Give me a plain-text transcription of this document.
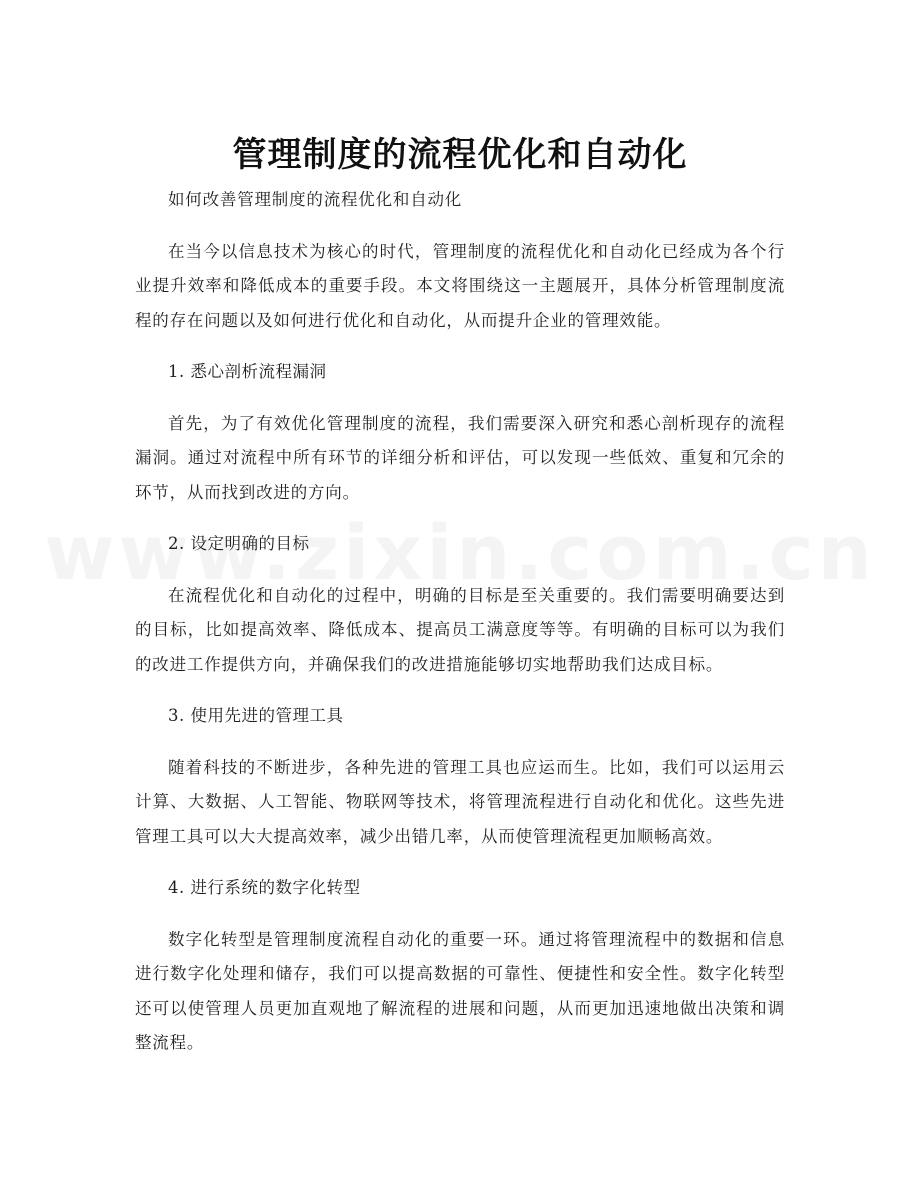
管理制度的流程优化和自动化

如何改善管理制度的流程优化和自动化

在当今以信息技术为核心的时代，管理制度的流程优化和自动化已经成为各个行业提升效率和降低成本的重要手段。本文将围绕这一主题展开，具体分析管理制度流程的存在问题以及如何进行优化和自动化，从而提升企业的管理效能。

1. 悉心剖析流程漏洞

首先，为了有效优化管理制度的流程，我们需要深入研究和悉心剖析现存的流程漏洞。通过对流程中所有环节的详细分析和评估，可以发现一些低效、重复和冗余的环节，从而找到改进的方向。

2. 设定明确的目标

在流程优化和自动化的过程中，明确的目标是至关重要的。我们需要明确要达到的目标，比如提高效率、降低成本、提高员工满意度等等。有明确的目标可以为我们的改进工作提供方向，并确保我们的改进措施能够切实地帮助我们达成目标。

3. 使用先进的管理工具

随着科技的不断进步，各种先进的管理工具也应运而生。比如，我们可以运用云计算、大数据、人工智能、物联网等技术，将管理流程进行自动化和优化。这些先进管理工具可以大大提高效率，减少出错几率，从而使管理流程更加顺畅高效。

4. 进行系统的数字化转型

数字化转型是管理制度流程自动化的重要一环。通过将管理流程中的数据和信息进行数字化处理和储存，我们可以提高数据的可靠性、便捷性和安全性。数字化转型还可以使管理人员更加直观地了解流程的进展和问题，从而更加迅速地做出决策和调整流程。
